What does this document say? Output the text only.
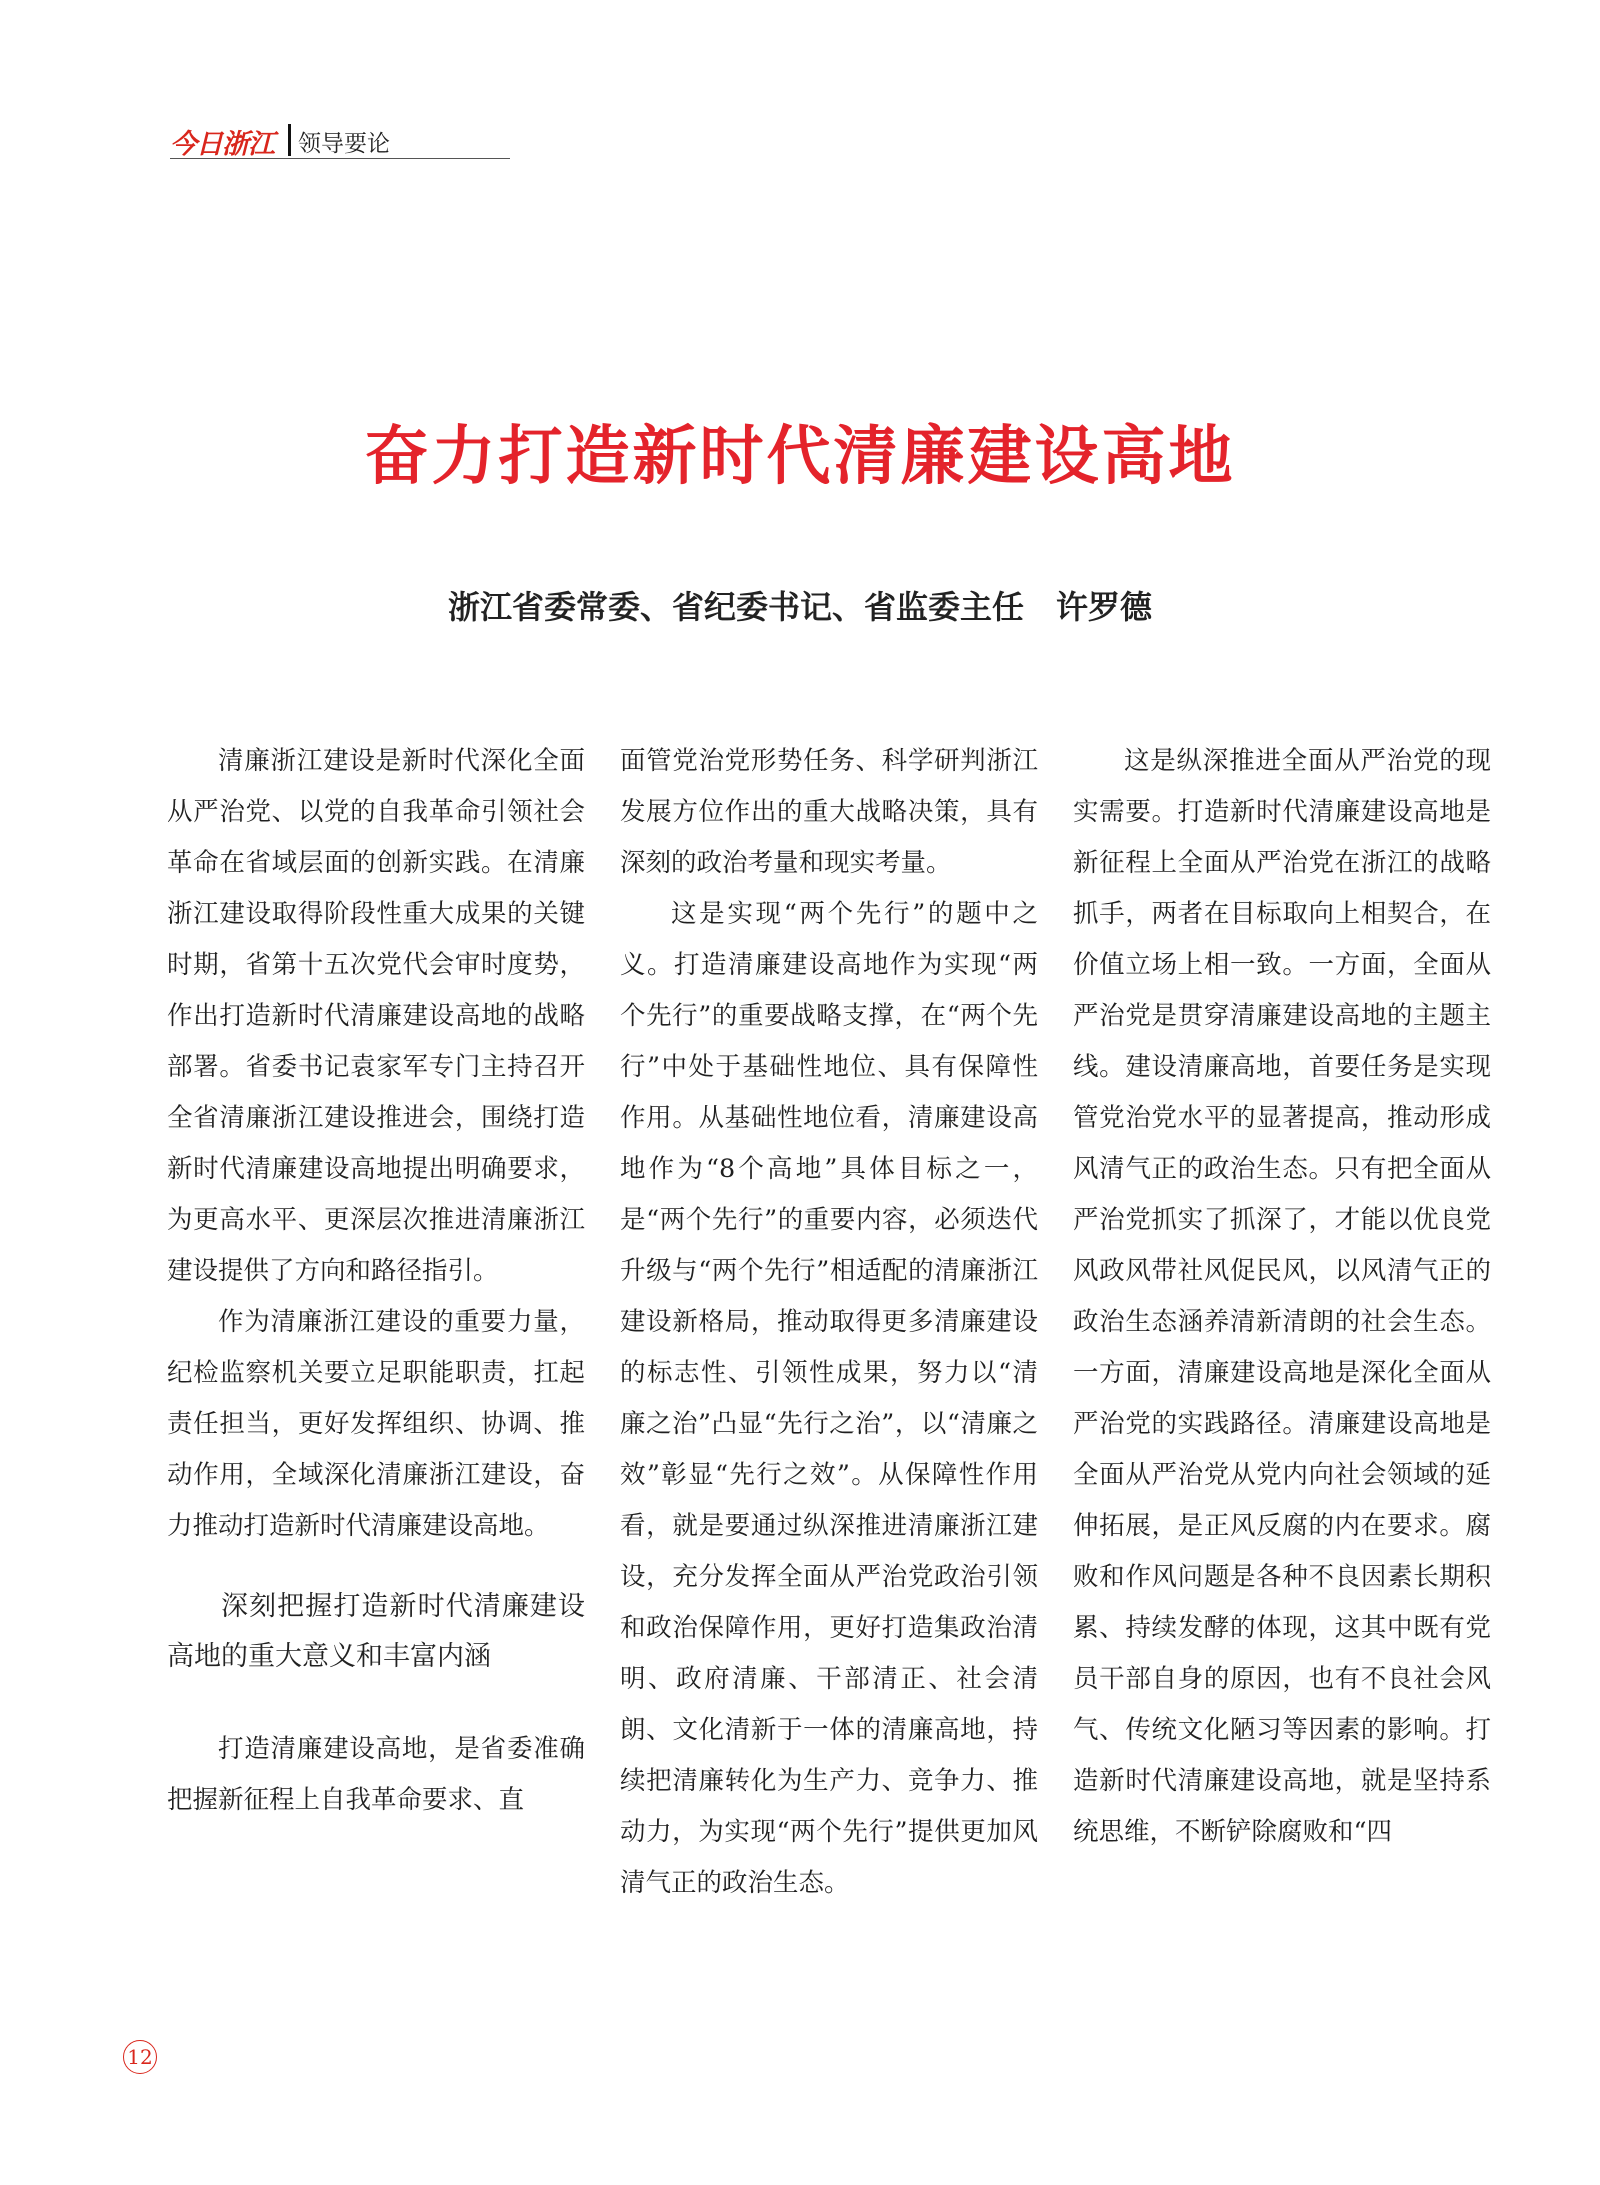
今日浙江 领导要论
奋力打造新时代清廉建设高地
浙江省委常委、省纪委书记、省监委主任　许罗德

清廉浙江建设是新时代深化全面从严治党、以党的自我革命引领社会革命在省域层面的创新实践。在清廉浙江建设取得阶段性重大成果的关键时期，省第十五次党代会审时度势，作出打造新时代清廉建设高地的战略部署。省委书记袁家军专门主持召开全省清廉浙江建设推进会，围绕打造新时代清廉建设高地提出明确要求，为更高水平、更深层次推进清廉浙江建设提供了方向和路径指引。

作为清廉浙江建设的重要力量，纪检监察机关要立足职能职责，扛起责任担当，更好发挥组织、协调、推动作用，全域深化清廉浙江建设，奋力推动打造新时代清廉建设高地。

深刻把握打造新时代清廉建设高地的重大意义和丰富内涵

打造清廉建设高地，是省委准确把握新征程上自我革命要求、直

面管党治党形势任务、科学研判浙江发展方位作出的重大战略决策，具有深刻的政治考量和现实考量。

这是实现“两个先行”的题中之义。打造清廉建设高地作为实现“两个先行”的重要战略支撑，在“两个先行”中处于基础性地位、具有保障性作用。从基础性地位看，清廉建设高地作为“8个高地”具体目标之一，是“两个先行”的重要内容，必须迭代升级与“两个先行”相适配的清廉浙江建设新格局，推动取得更多清廉建设的标志性、引领性成果，努力以“清廉之治”凸显“先行之治”，以“清廉之效”彰显“先行之效”。从保障性作用看，就是要通过纵深推进清廉浙江建设，充分发挥全面从严治党政治引领和政治保障作用，更好打造集政治清明、政府清廉、干部清正、社会清朗、文化清新于一体的清廉高地，持续把清廉转化为生产力、竞争力、推动力，为实现“两个先行”提供更加风清气正的政治生态。

这是纵深推进全面从严治党的现实需要。打造新时代清廉建设高地是新征程上全面从严治党在浙江的战略抓手，两者在目标取向上相契合，在价值立场上相一致。一方面，全面从严治党是贯穿清廉建设高地的主题主线。建设清廉高地，首要任务是实现管党治党水平的显著提高，推动形成风清气正的政治生态。只有把全面从严治党抓实了抓深了，才能以优良党风政风带社风促民风，以风清气正的政治生态涵养清新清朗的社会生态。一方面，清廉建设高地是深化全面从严治党的实践路径。清廉建设高地是全面从严治党从党内向社会领域的延伸拓展，是正风反腐的内在要求。腐败和作风问题是各种不良因素长期积累、持续发酵的体现，这其中既有党员干部自身的原因，也有不良社会风气、传统文化陋习等因素的影响。打造新时代清廉建设高地，就是坚持系统思维，不断铲除腐败和“四

12
